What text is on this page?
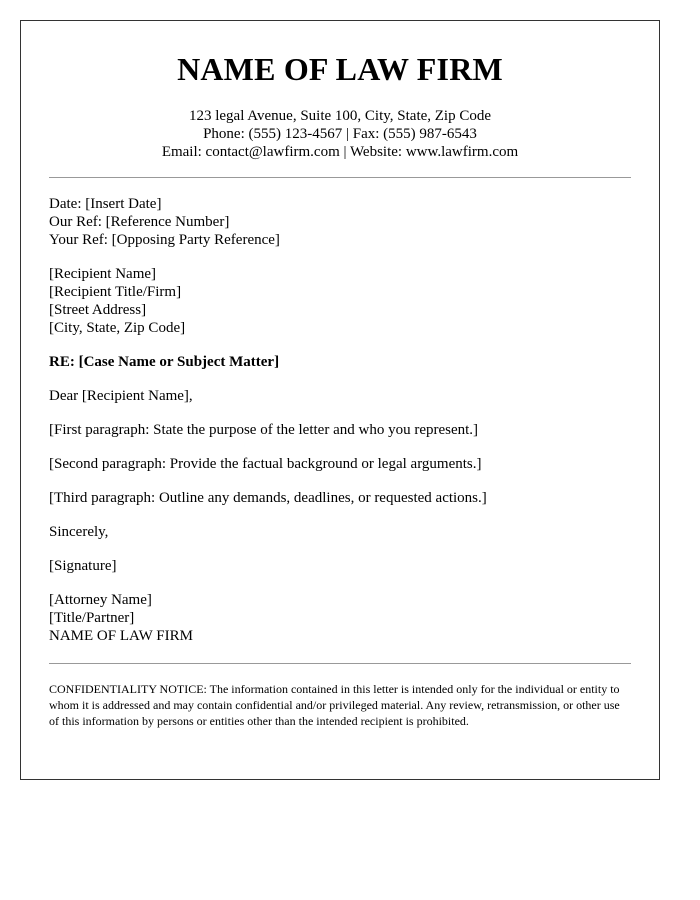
NAME OF LAW FIRM
123 legal Avenue, Suite 100, City, State, Zip Code
Phone: (555) 123-4567 | Fax: (555) 987-6543
Email: contact@lawfirm.com | Website: www.lawfirm.com
Date: [Insert Date]
Our Ref: [Reference Number]
Your Ref: [Opposing Party Reference]
[Recipient Name]
[Recipient Title/Firm]
[Street Address]
[City, State, Zip Code]
RE: [Case Name or Subject Matter]
Dear [Recipient Name],
[First paragraph: State the purpose of the letter and who you represent.]
[Second paragraph: Provide the factual background or legal arguments.]
[Third paragraph: Outline any demands, deadlines, or requested actions.]
Sincerely,
[Signature]
[Attorney Name]
[Title/Partner]
NAME OF LAW FIRM
CONFIDENTIALITY NOTICE: The information contained in this letter is intended only for the individual or entity to whom it is addressed and may contain confidential and/or privileged material. Any review, retransmission, or other use of this information by persons or entities other than the intended recipient is prohibited.
